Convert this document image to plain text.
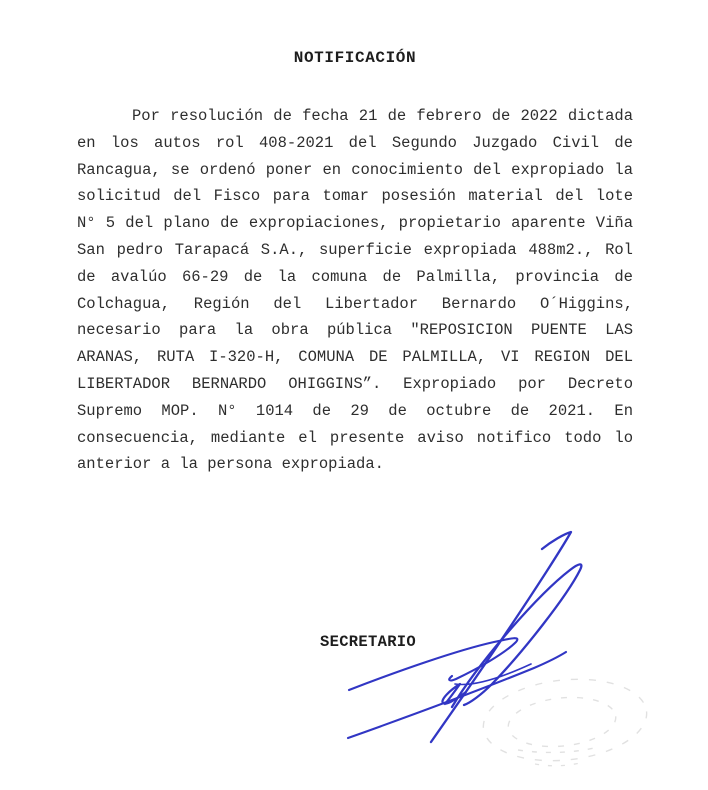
NOTIFICACIÓN
Por resolución de fecha 21 de febrero de 2022 dictada
en los autos rol 408-2021 del Segundo Juzgado Civil de
Rancagua, se ordenó poner en conocimiento del expropiado la
solicitud del Fisco para tomar posesión material del lote
N° 5 del plano de expropiaciones, propietario aparente Viña
San pedro Tarapacá S.A., superficie expropiada 488m2., Rol
de avalúo 66-29 de la comuna de Palmilla, provincia de
Colchagua, Región del Libertador Bernardo O´Higgins,
necesario para la obra pública "REPOSICION PUENTE LAS
ARANAS, RUTA I-320-H, COMUNA DE PALMILLA, VI REGION DEL
LIBERTADOR BERNARDO OHIGGINS”. Expropiado por Decreto
Supremo MOP. N° 1014 de 29 de octubre de 2021. En
consecuencia, mediante el presente aviso notifico todo lo
anterior a la persona expropiada.

SECRETARIO
